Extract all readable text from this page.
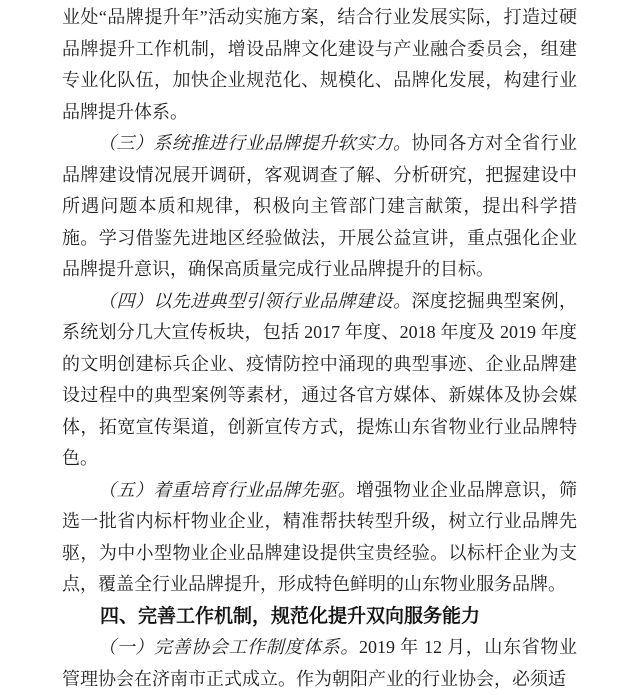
业处“品牌提升年”活动实施方案，结合行业发展实际，打造过硬品牌提升工作机制，增设品牌文化建设与产业融合委员会，组建专业化队伍，加快企业规范化、规模化、品牌化发展，构建行业品牌提升体系。

（三）系统推进行业品牌提升软实力。协同各方对全省行业品牌建设情况展开调研，客观调查了解、分析研究，把握建设中所遇问题本质和规律，积极向主管部门建言献策，提出科学措施。学习借鉴先进地区经验做法，开展公益宣讲，重点强化企业品牌提升意识，确保高质量完成行业品牌提升的目标。

（四）以先进典型引领行业品牌建设。深度挖掘典型案例，系统划分几大宣传板块，包括 2017 年度、2018 年度及 2019 年度的文明创建标兵企业、疫情防控中涌现的典型事迹、企业品牌建设过程中的典型案例等素材，通过各官方媒体、新媒体及协会媒体，拓宽宣传渠道，创新宣传方式，提炼山东省物业行业品牌特色。

（五）着重培育行业品牌先驱。增强物业企业品牌意识，筛选一批省内标杆物业企业，精准帮扶转型升级，树立行业品牌先驱，为中小型物业企业品牌建设提供宝贵经验。以标杆企业为支点，覆盖全行业品牌提升，形成特色鲜明的山东物业服务品牌。

四、完善工作机制，规范化提升双向服务能力

（一）完善协会工作制度体系。2019 年 12 月，山东省物业管理协会在济南市正式成立。作为朝阳产业的行业协会，必须适
